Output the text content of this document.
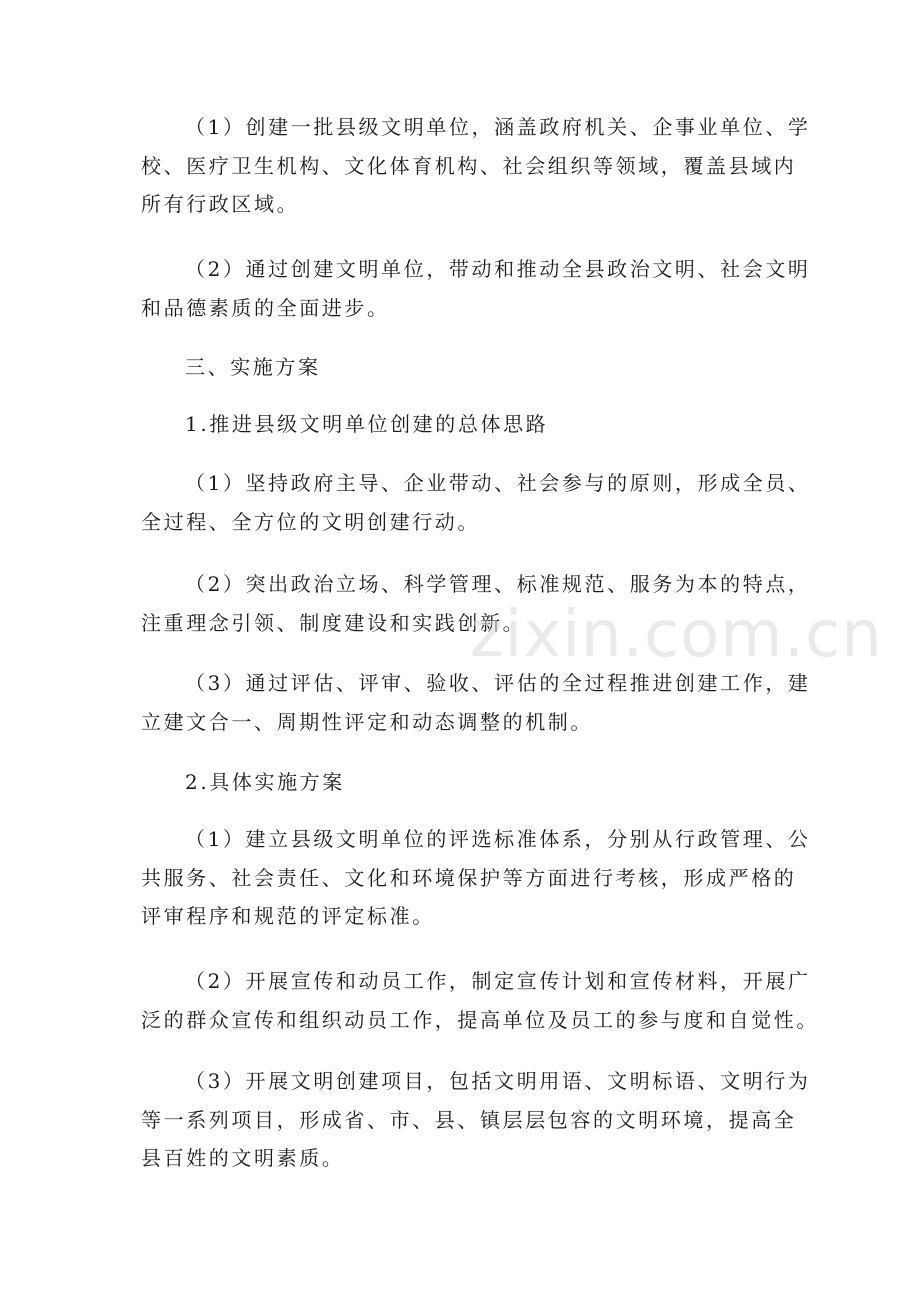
（1）创建一批县级文明单位，涵盖政府机关、企事业单位、学
校、医疗卫生机构、文化体育机构、社会组织等领域，覆盖县域内
所有行政区域。

（2）通过创建文明单位，带动和推动全县政治文明、社会文明
和品德素质的全面进步。

三、实施方案

1.推进县级文明单位创建的总体思路

（1）坚持政府主导、企业带动、社会参与的原则，形成全员、
全过程、全方位的文明创建行动。

（2）突出政治立场、科学管理、标准规范、服务为本的特点，
注重理念引领、制度建设和实践创新。

（3）通过评估、评审、验收、评估的全过程推进创建工作，建
立建文合一、周期性评定和动态调整的机制。

2.具体实施方案

（1）建立县级文明单位的评选标准体系，分别从行政管理、公
共服务、社会责任、文化和环境保护等方面进行考核，形成严格的
评审程序和规范的评定标准。

（2）开展宣传和动员工作，制定宣传计划和宣传材料，开展广
泛的群众宣传和组织动员工作，提高单位及员工的参与度和自觉性。

（3）开展文明创建项目，包括文明用语、文明标语、文明行为
等一系列项目，形成省、市、县、镇层层包容的文明环境，提高全
县百姓的文明素质。

zixin.com.cn
